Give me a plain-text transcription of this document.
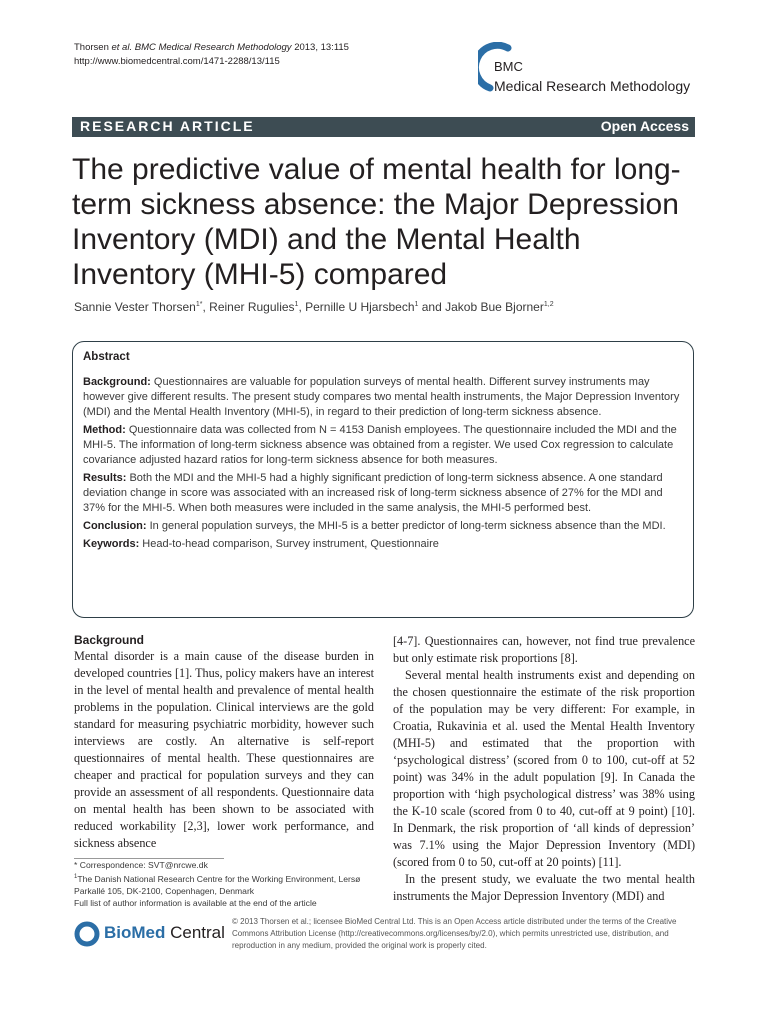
Thorsen et al. BMC Medical Research Methodology 2013, 13:115
http://www.biomedcentral.com/1471-2288/13/115	BMC
Medical Research Methodology
RESEARCH ARTICLE	Open Access
The predictive value of mental health for long-term sickness absence: the Major Depression Inventory (MDI) and the Mental Health Inventory (MHI-5) compared
Sannie Vester Thorsen$^{1*}$, Reiner Rugulies$^1$, Pernille U Hjarsbech$^1$ and Jakob Bue Bjorner$^{1,2}$
Abstract

Background: Questionnaires are valuable for population surveys of mental health. Different survey instruments may however give different results. The present study compares two mental health instruments, the Major Depression Inventory (MDI) and the Mental Health Inventory (MHI-5), in regard to their prediction of long-term sickness absence.

Method: Questionnaire data was collected from N = 4153 Danish employees. The questionnaire included the MDI and the MHI-5. The information of long-term sickness absence was obtained from a register. We used Cox regression to calculate covariance adjusted hazard ratios for long-term sickness absence for both measures.

Results: Both the MDI and the MHI-5 had a highly significant prediction of long-term sickness absence. A one standard deviation change in score was associated with an increased risk of long-term sickness absence of 27% for the MDI and 37% for the MHI-5. When both measures were included in the same analysis, the MHI-5 performed best.

Conclusion: In general population surveys, the MHI-5 is a better predictor of long-term sickness absence than the MDI.

Keywords: Head-to-head comparison, Survey instrument, Questionnaire

Background

Mental disorder is a main cause of the disease burden in developed countries [1]. Thus, policy makers have an interest in the level of mental health and prevalence of mental health problems in the population. Clinical interviews are the gold standard for measuring psychiatric morbidity, however such interviews are costly. An alternative is self-report questionnaires of mental health. These questionnaires are cheaper and practical for population surveys and they can provide an assessment of all respondents. Questionnaire data on mental health has been shown to be associated with reduced workability [2,3], lower work performance, and sickness absence

[4-7]. Questionnaires can, however, not find true prevalence but only estimate risk proportions [8].

Several mental health instruments exist and depending on the chosen questionnaire the estimate of the risk proportion of the population may be very different: For example, in Croatia, Rukavinia et al. used the Mental Health Inventory (MHI-5) and estimated that the proportion with ‘psychological distress’ (scored from 0 to 100, cut-off at 52 point) was 34% in the adult population [9]. In Canada the proportion with ‘high psychological distress’ was 38% using the K-10 scale (scored from 0 to 40, cut-off at 9 point) [10]. In Denmark, the risk proportion of ‘all kinds of depression’ was 7.1% using the Major Depression Inventory (MDI) (scored from 0 to 50, cut-off at 20 points) [11].

In the present study, we evaluate the two mental health instruments the Major Depression Inventory (MDI) and

* Correspondence: SVT@nrcwe.dk
$^1$The Danish National Research Centre for the Working Environment, Lersø Parkallé 105, DK-2100, Copenhagen, Denmark
Full list of author information is available at the end of the article
BioMed Central
© 2013 Thorsen et al.; licensee BioMed Central Ltd. This is an Open Access article distributed under the terms of the Creative Commons Attribution License (http://creativecommons.org/licenses/by/2.0), which permits unrestricted use, distribution, and reproduction in any medium, provided the original work is properly cited.
